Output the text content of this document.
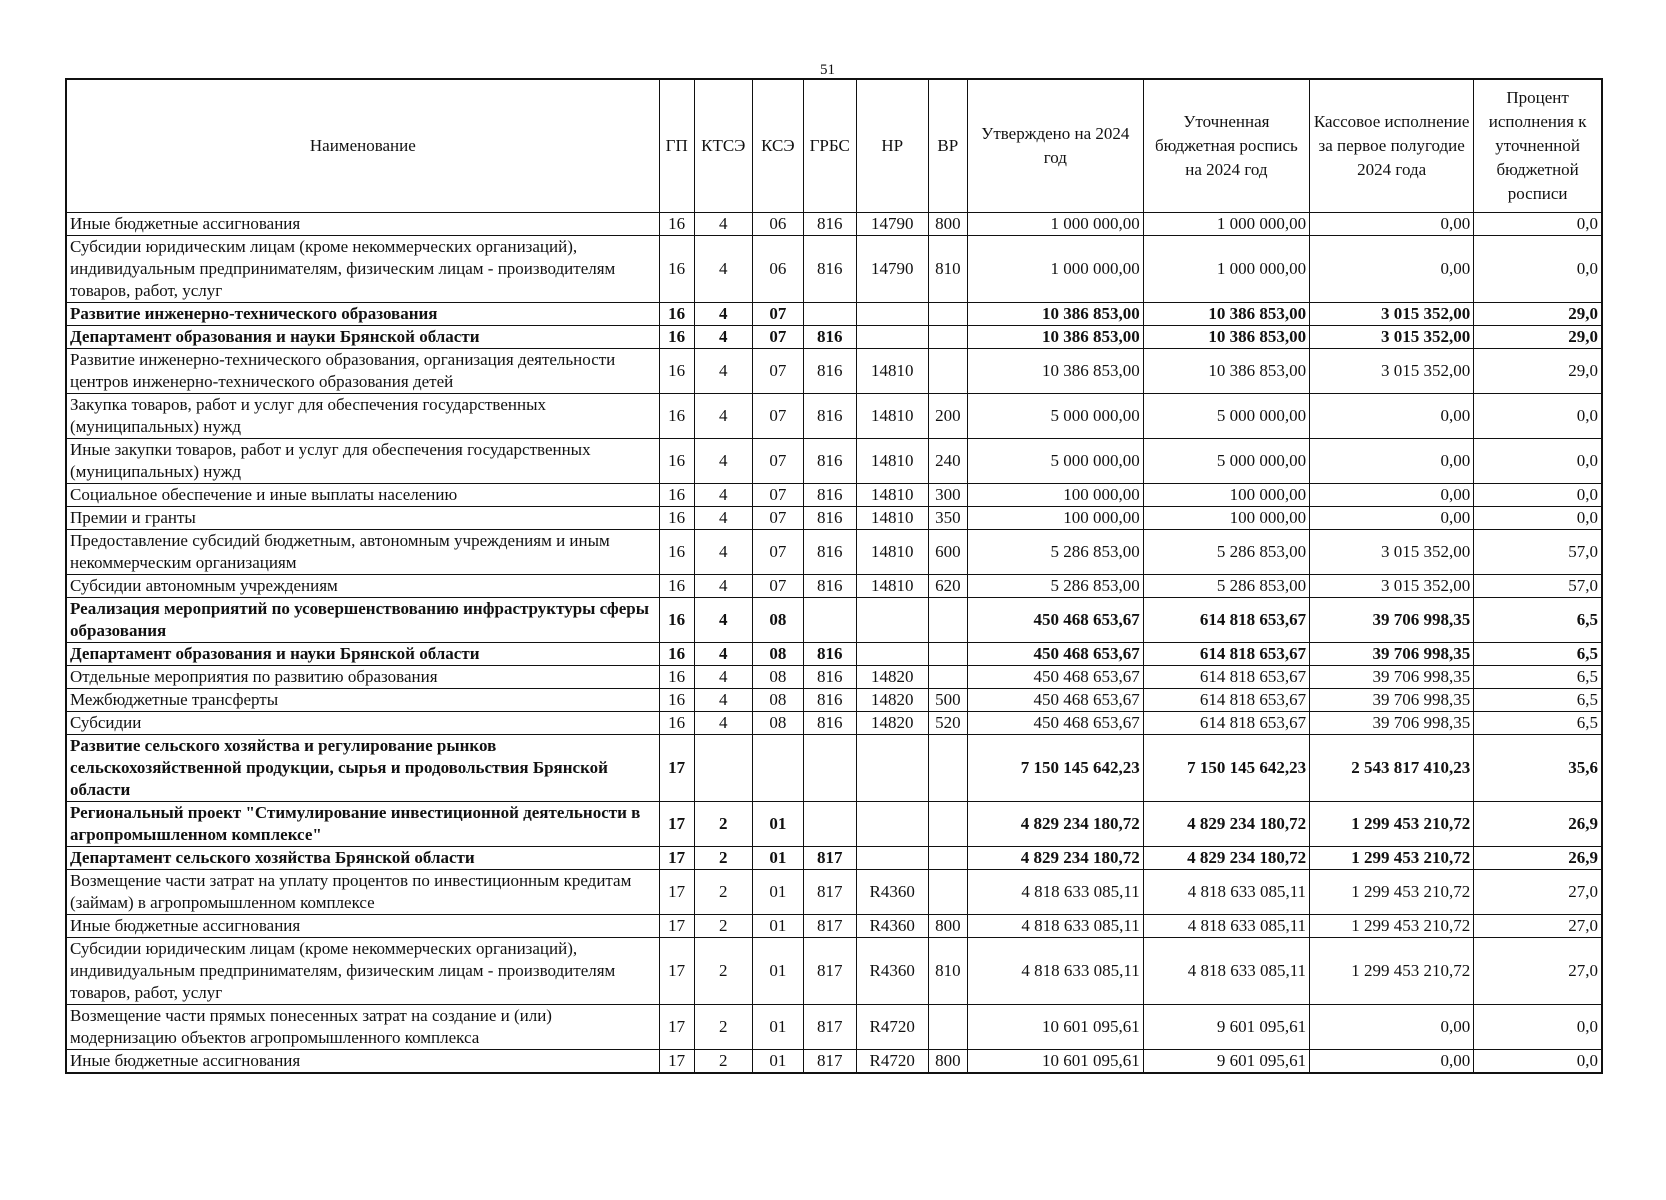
51
Наименование	ГП	КТСЭ	КСЭ	ГРБС	НР	ВР	Утверждено на 2024 год	Уточненная бюджетная роспись на 2024 год	Кассовое исполнение за первое полугодие 2024 года	Процент исполнения к уточненной бюджетной росписи
Иные бюджетные ассигнования	16	4	06	816	14790	800	1 000 000,00	1 000 000,00	0,00	0,0
Субсидии юридическим лицам (кроме некоммерческих организаций), индивидуальным предпринимателям, физическим лицам - производителям товаров, работ, услуг	16	4	06	816	14790	810	1 000 000,00	1 000 000,00	0,00	0,0
Развитие инженерно-технического образования	16	4	07				10 386 853,00	10 386 853,00	3 015 352,00	29,0
Департамент образования и науки Брянской области	16	4	07	816			10 386 853,00	10 386 853,00	3 015 352,00	29,0
Развитие инженерно-технического образования, организация деятельности центров инженерно-технического образования детей	16	4	07	816	14810		10 386 853,00	10 386 853,00	3 015 352,00	29,0
Закупка товаров, работ и услуг для обеспечения государственных (муниципальных) нужд	16	4	07	816	14810	200	5 000 000,00	5 000 000,00	0,00	0,0
Иные закупки товаров, работ и услуг для обеспечения государственных (муниципальных) нужд	16	4	07	816	14810	240	5 000 000,00	5 000 000,00	0,00	0,0
Социальное обеспечение и иные выплаты населению	16	4	07	816	14810	300	100 000,00	100 000,00	0,00	0,0
Премии и гранты	16	4	07	816	14810	350	100 000,00	100 000,00	0,00	0,0
Предоставление субсидий бюджетным, автономным учреждениям и иным некоммерческим организациям	16	4	07	816	14810	600	5 286 853,00	5 286 853,00	3 015 352,00	57,0
Субсидии автономным учреждениям	16	4	07	816	14810	620	5 286 853,00	5 286 853,00	3 015 352,00	57,0
Реализация мероприятий по усовершенствованию инфраструктуры сферы образования	16	4	08				450 468 653,67	614 818 653,67	39 706 998,35	6,5
Департамент образования и науки Брянской области	16	4	08	816			450 468 653,67	614 818 653,67	39 706 998,35	6,5
Отдельные мероприятия по развитию образования	16	4	08	816	14820		450 468 653,67	614 818 653,67	39 706 998,35	6,5
Межбюджетные трансферты	16	4	08	816	14820	500	450 468 653,67	614 818 653,67	39 706 998,35	6,5
Субсидии	16	4	08	816	14820	520	450 468 653,67	614 818 653,67	39 706 998,35	6,5
Развитие сельского хозяйства и регулирование рынков сельскохозяйственной продукции, сырья и продовольствия Брянской области	17						7 150 145 642,23	7 150 145 642,23	2 543 817 410,23	35,6
Региональный проект "Стимулирование инвестиционной деятельности в агропромышленном комплексе"	17	2	01				4 829 234 180,72	4 829 234 180,72	1 299 453 210,72	26,9
Департамент сельского хозяйства Брянской области	17	2	01	817			4 829 234 180,72	4 829 234 180,72	1 299 453 210,72	26,9
Возмещение части затрат на уплату процентов по инвестиционным кредитам (займам) в агропромышленном комплексе	17	2	01	817	R4360		4 818 633 085,11	4 818 633 085,11	1 299 453 210,72	27,0
Иные бюджетные ассигнования	17	2	01	817	R4360	800	4 818 633 085,11	4 818 633 085,11	1 299 453 210,72	27,0
Субсидии юридическим лицам (кроме некоммерческих организаций), индивидуальным предпринимателям, физическим лицам - производителям товаров, работ, услуг	17	2	01	817	R4360	810	4 818 633 085,11	4 818 633 085,11	1 299 453 210,72	27,0
Возмещение части прямых понесенных затрат на создание и (или) модернизацию объектов агропромышленного комплекса	17	2	01	817	R4720		10 601 095,61	9 601 095,61	0,00	0,0
Иные бюджетные ассигнования	17	2	01	817	R4720	800	10 601 095,61	9 601 095,61	0,00	0,0
